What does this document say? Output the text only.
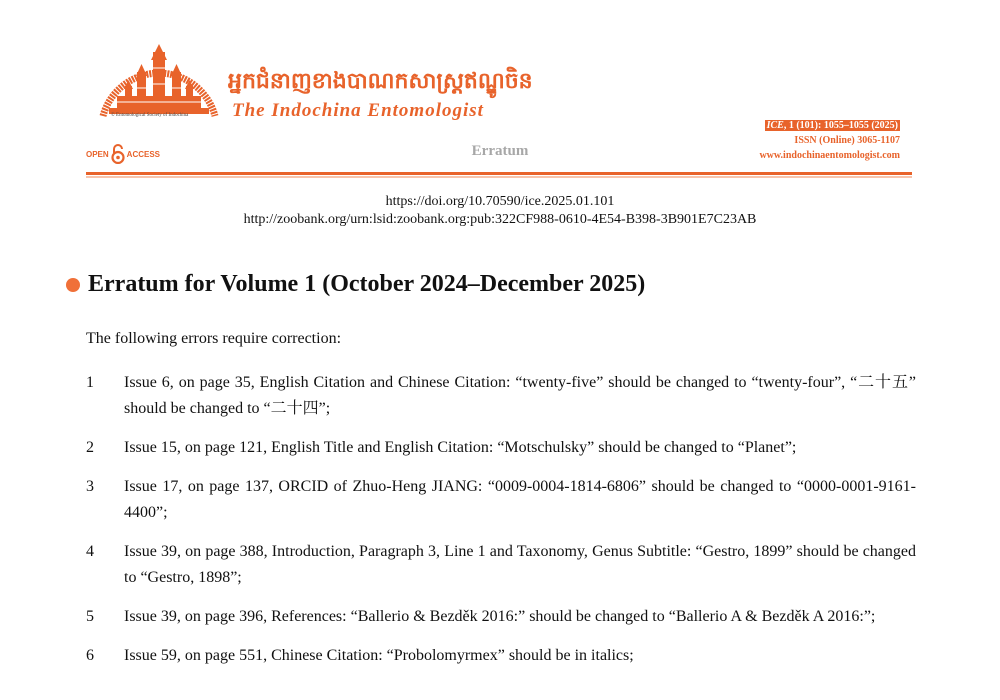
© Entomological Society of Indochina
អ្នកជំនាញខាងបាណកសាស្ត្រឥណ្ឌូចិន
The Indochina Entomologist
OPEN ACCESS	Erratum
ICE, 1 (101): 1055–1055 (2025)
ISSN (Online) 3065-1107
www.indochinaentomologist.com
https://doi.org/10.70590/ice.2025.01.101
http://zoobank.org/urn:lsid:zoobank.org:pub:322CF988-0610-4E54-B398-3B901E7C23AB
Erratum for Volume 1 (October 2024–December 2025)
The following errors require correction:
1	Issue 6, on page 35, English Citation and Chinese Citation: “twenty-five” should be changed to “twenty-four”, “二十五” should be changed to “二十四”;
2	Issue 15, on page 121, English Title and English Citation: “Motschulsky” should be changed to “Planet”;
3	Issue 17, on page 137, ORCID of Zhuo-Heng JIANG: “0009-0004-1814-6806” should be changed to “0000-0001-9161-4400”;
4	Issue 39, on page 388, Introduction, Paragraph 3, Line 1 and Taxonomy, Genus Subtitle: “Gestro, 1899” should be changed to “Gestro, 1898”;
5	Issue 39, on page 396, References: “Ballerio & Bezděk 2016:” should be changed to “Ballerio A & Bezděk A 2016:”;
6	Issue 59, on page 551, Chinese Citation: “Probolomyrmex” should be in italics;
